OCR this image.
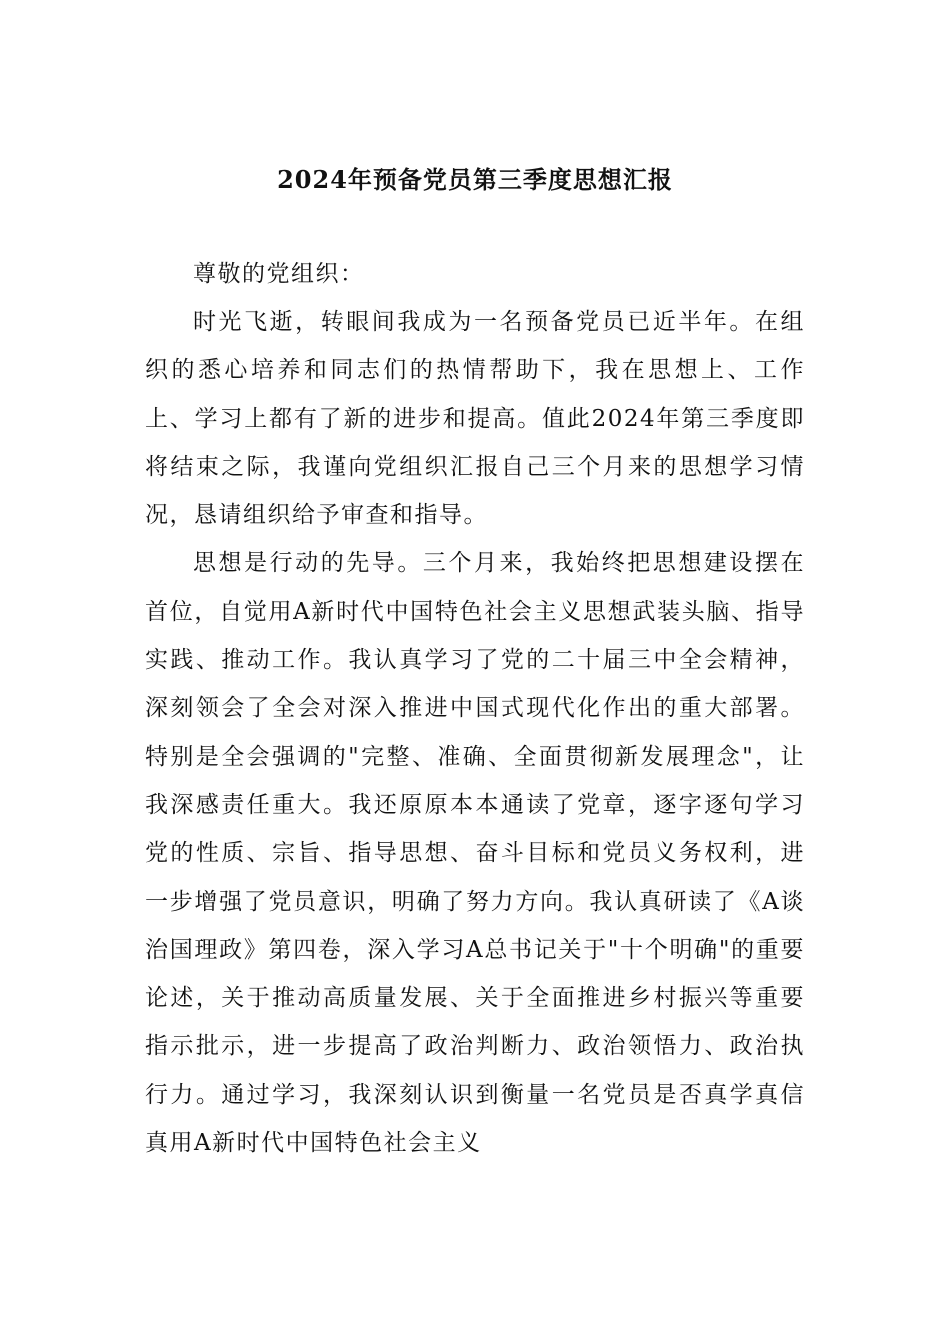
2024年预备党员第三季度思想汇报

尊敬的党组织：

时光飞逝，转眼间我成为一名预备党员已近半年。在组织的悉心培养和同志们的热情帮助下，我在思想上、工作上、学习上都有了新的进步和提高。值此2024年第三季度即将结束之际，我谨向党组织汇报自己三个月来的思想学习情况，恳请组织给予审查和指导。

思想是行动的先导。三个月来，我始终把思想建设摆在首位，自觉用A新时代中国特色社会主义思想武装头脑、指导实践、推动工作。我认真学习了党的二十届三中全会精神，深刻领会了全会对深入推进中国式现代化作出的重大部署。特别是全会强调的"完整、准确、全面贯彻新发展理念"，让我深感责任重大。我还原原本本通读了党章，逐字逐句学习党的性质、宗旨、指导思想、奋斗目标和党员义务权利，进一步增强了党员意识，明确了努力方向。我认真研读了《A谈治国理政》第四卷，深入学习A总书记关于"十个明确"的重要论述，关于推动高质量发展、关于全面推进乡村振兴等重要指示批示，进一步提高了政治判断力、政治领悟力、政治执行力。通过学习，我深刻认识到衡量一名党员是否真学真信真用A新时代中国特色社会主义
